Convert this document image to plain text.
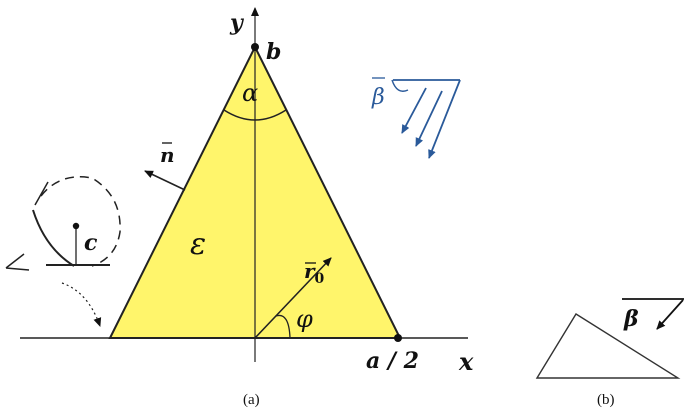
y
x
b
a / 2
α
ε
n
$r_0$
φ
c
β
(a)
β
(b)
